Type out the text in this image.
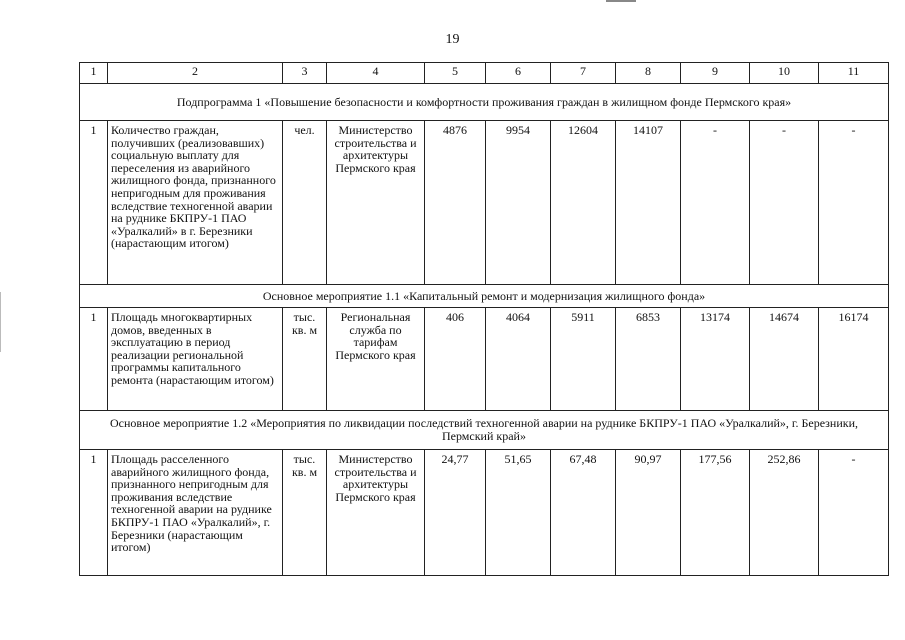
19
1	2	3	4	5	6	7	8	9	10	11
Подпрограмма 1 «Повышение безопасности и комфортности проживания граждан в жилищном фонде Пермского края»										
1	Количество граждан, получивших (реализовавших) социальную выплату для переселения из аварийного жилищного фонда, признанного непригодным для проживания вследствие техногенной аварии на руднике БКПРУ-1 ПАО «Уралкалий» в г. Березники (нарастающим итогом)	чел.	Министерство строительства и архитектуры Пермского края	4876	9954	12604	14107	-	-	-
Основное мероприятие 1.1 «Капитальный ремонт и модернизация жилищного фонда»										
1	Площадь многоквартирных домов, введенных в эксплуатацию в период реализации региональной программы капитального ремонта (нарастающим итогом)	тыс. кв. м	Региональная служба по тарифам Пермского края	406	4064	5911	6853	13174	14674	16174
Основное мероприятие 1.2 «Мероприятия по ликвидации последствий техногенной аварии на руднике БКПРУ-1 ПАО «Уралкалий», г. Березники, Пермский край»										
1	Площадь расселенного аварийного жилищного фонда, признанного непригодным для проживания вследствие техногенной аварии на руднике БКПРУ-1 ПАО «Уралкалий», г. Березники (нарастающим итогом)	тыс. кв. м	Министерство строительства и архитектуры Пермского края	24,77	51,65	67,48	90,97	177,56	252,86	-
